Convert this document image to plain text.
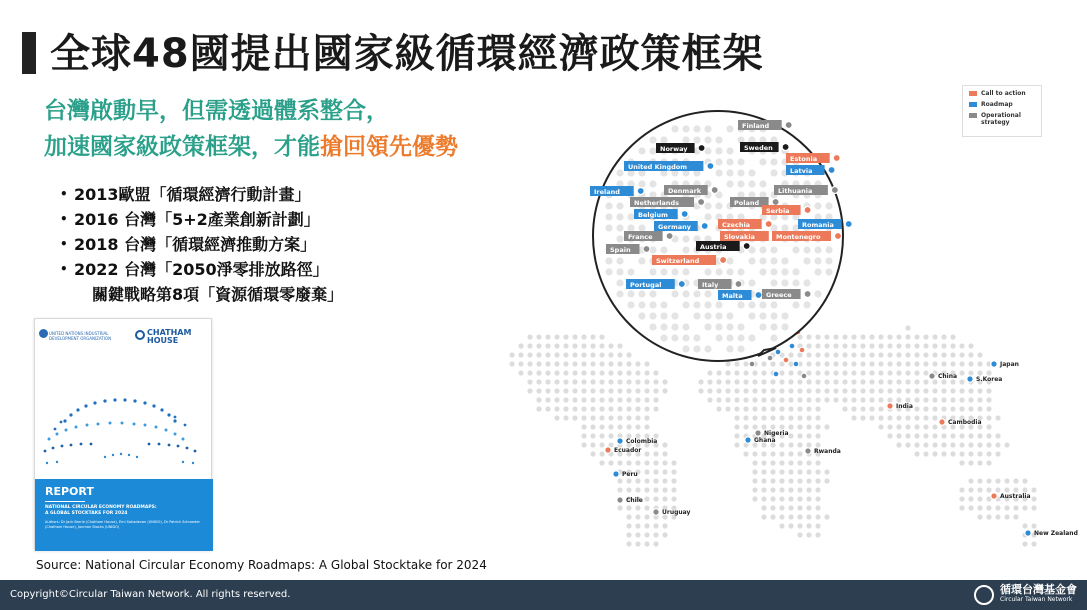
全球48國提出國家級循環經濟政策框架
台灣啟動早，但需透過體系整合，
加速國家級政策框架，才能搶回領先優勢
• 2013歐盟「循環經濟行動計畫」
• 2016 台灣「5+2產業創新計劃」
• 2018 台灣「循環經濟推動方案」
• 2022 台灣「2050淨零排放路徑」
關鍵戰略第8項「資源循環零廢棄」
UNITED NATIONS INDUSTRIAL DEVELOPMENT ORGANIZATION
CHATHAM
HOUSE
REPORT
NATIONAL CIRCULAR ECONOMY ROADMAPS:
A GLOBAL STOCKTAKE FOR 2024
Authors: Dr Jack Barrie (Chatham House), Emi Sahadevan (UNIDO), Dr Patrick Schroeder (Chatham House), Jonman Stacks (UNIDO)
Source: National Circular Economy Roadmaps: A Global Stocktake for 2024
Japan
China	S.Korea
India
Cambodia
Nigeria
Ghana
Rwanda
Colombia
Ecuador
Peru
Chile
Uruguay
Australia
New Zealand
Finland
Norway	Sweden
Estonia
Latvia
United Kingdom
Ireland	Denmark	Lithuania
Netherlands	Poland
Belgium	Serbia
Germany	Czechia	Romania
France	Slovakia	Montenegro
Spain	Austria
Switzerland
Portugal	Italy
Malta	Greece
Call to action
Roadmap
Operational strategy
Copyright©Circular Taiwan Network. All rights reserved.	循環台灣基金會
Circular Taiwan Network
